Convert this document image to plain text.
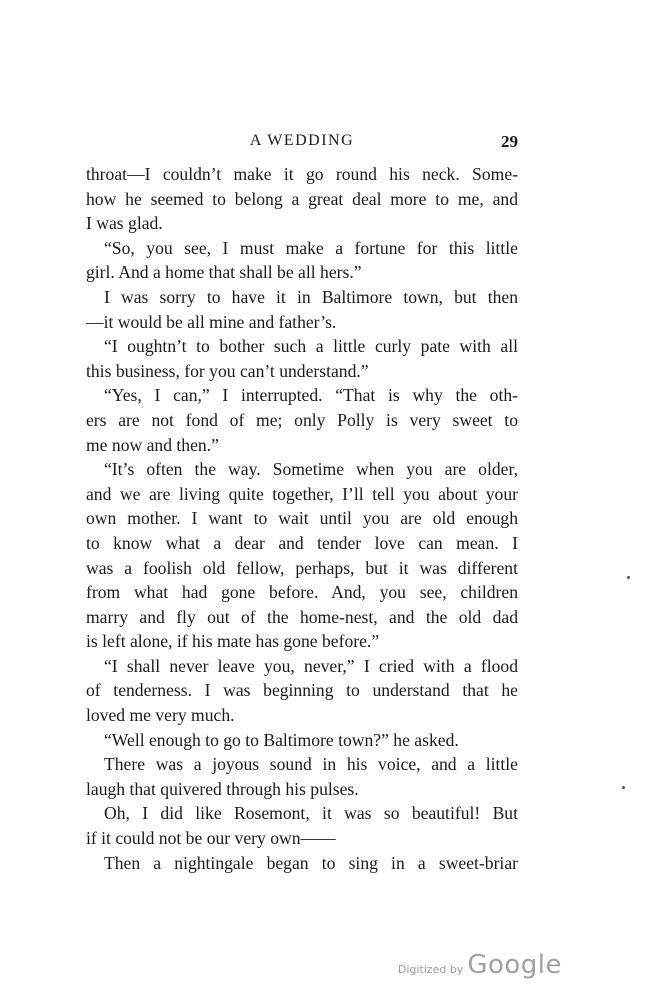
A WEDDING	29
throat—I couldn’t make it go round his neck. Some-
how he seemed to belong a great deal more to me, and
I was glad.
“So, you see, I must make a fortune for this little
girl. And a home that shall be all hers.”
I was sorry to have it in Baltimore town, but then
—it would be all mine and father’s.
“I oughtn’t to bother such a little curly pate with all
this business, for you can’t understand.”
“Yes, I can,” I interrupted. “That is why the oth-
ers are not fond of me; only Polly is very sweet to
me now and then.”
“It’s often the way. Sometime when you are older,
and we are living quite together, I’ll tell you about your
own mother. I want to wait until you are old enough
to know what a dear and tender love can mean. I
was a foolish old fellow, perhaps, but it was different
from what had gone before. And, you see, children
marry and fly out of the home-nest, and the old dad
is left alone, if his mate has gone before.”
“I shall never leave you, never,” I cried with a flood
of tenderness. I was beginning to understand that he
loved me very much.
“Well enough to go to Baltimore town?” he asked.
There was a joyous sound in his voice, and a little
laugh that quivered through his pulses.
Oh, I did like Rosemont, it was so beautiful! But
if it could not be our very own——
Then a nightingale began to sing in a sweet-briar
Digitized by Google
